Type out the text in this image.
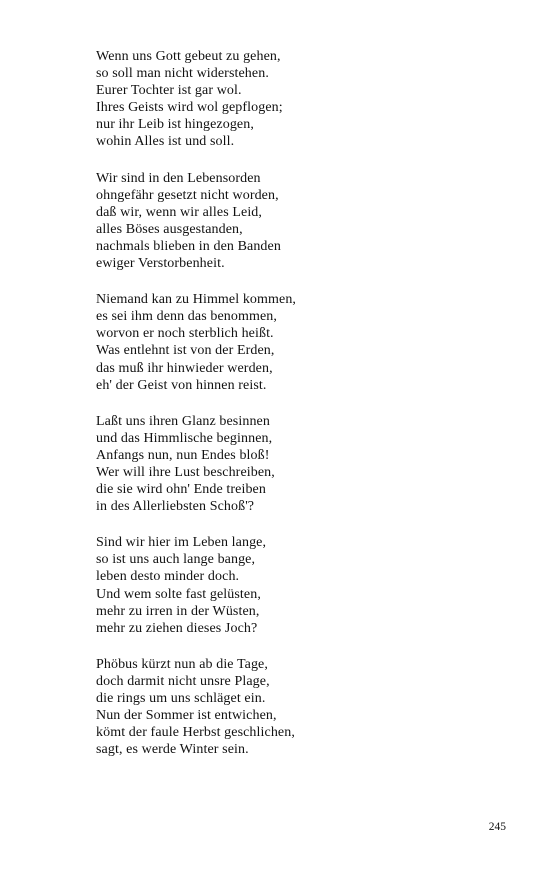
Wenn uns Gott gebeut zu gehen,
so soll man nicht widerstehen.
Eurer Tochter ist gar wol.
Ihres Geists wird wol gepflogen;
nur ihr Leib ist hingezogen,
wohin Alles ist und soll.
Wir sind in den Lebensorden
ohngefähr gesetzt nicht worden,
daß wir, wenn wir alles Leid,
alles Böses ausgestanden,
nachmals blieben in den Banden
ewiger Verstorbenheit.
Niemand kan zu Himmel kommen,
es sei ihm denn das benommen,
worvon er noch sterblich heißt.
Was entlehnt ist von der Erden,
das muß ihr hinwieder werden,
eh' der Geist von hinnen reist.
Laßt uns ihren Glanz besinnen
und das Himmlische beginnen,
Anfangs nun, nun Endes bloß!
Wer will ihre Lust beschreiben,
die sie wird ohn' Ende treiben
in des Allerliebsten Schoß'?
Sind wir hier im Leben lange,
so ist uns auch lange bange,
leben desto minder doch.
Und wem solte fast gelüsten,
mehr zu irren in der Wüsten,
mehr zu ziehen dieses Joch?
Phöbus kürzt nun ab die Tage,
doch darmit nicht unsre Plage,
die rings um uns schläget ein.
Nun der Sommer ist entwichen,
kömt der faule Herbst geschlichen,
sagt, es werde Winter sein.
245
